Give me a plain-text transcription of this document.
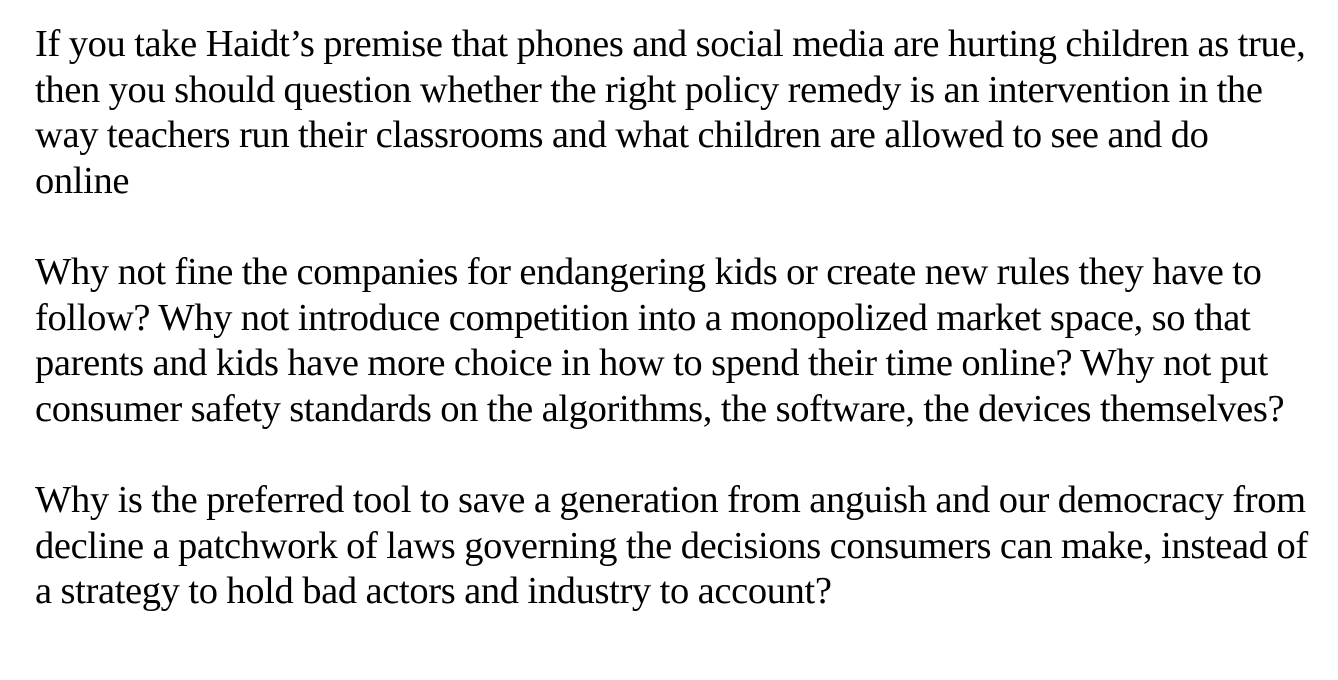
If you take Haidt’s premise that phones and social media are hurting children as true, then you should question whether the right policy remedy is an intervention in the way teachers run their classrooms and what children are allowed to see and do online

Why not fine the companies for endangering kids or create new rules they have to follow? Why not introduce competition into a monopolized market space, so that parents and kids have more choice in how to spend their time online? Why not put consumer safety standards on the algorithms, the software, the devices themselves?

Why is the preferred tool to save a generation from anguish and our democracy from decline a patchwork of laws governing the decisions consumers can make, instead of a strategy to hold bad actors and industry to account?
